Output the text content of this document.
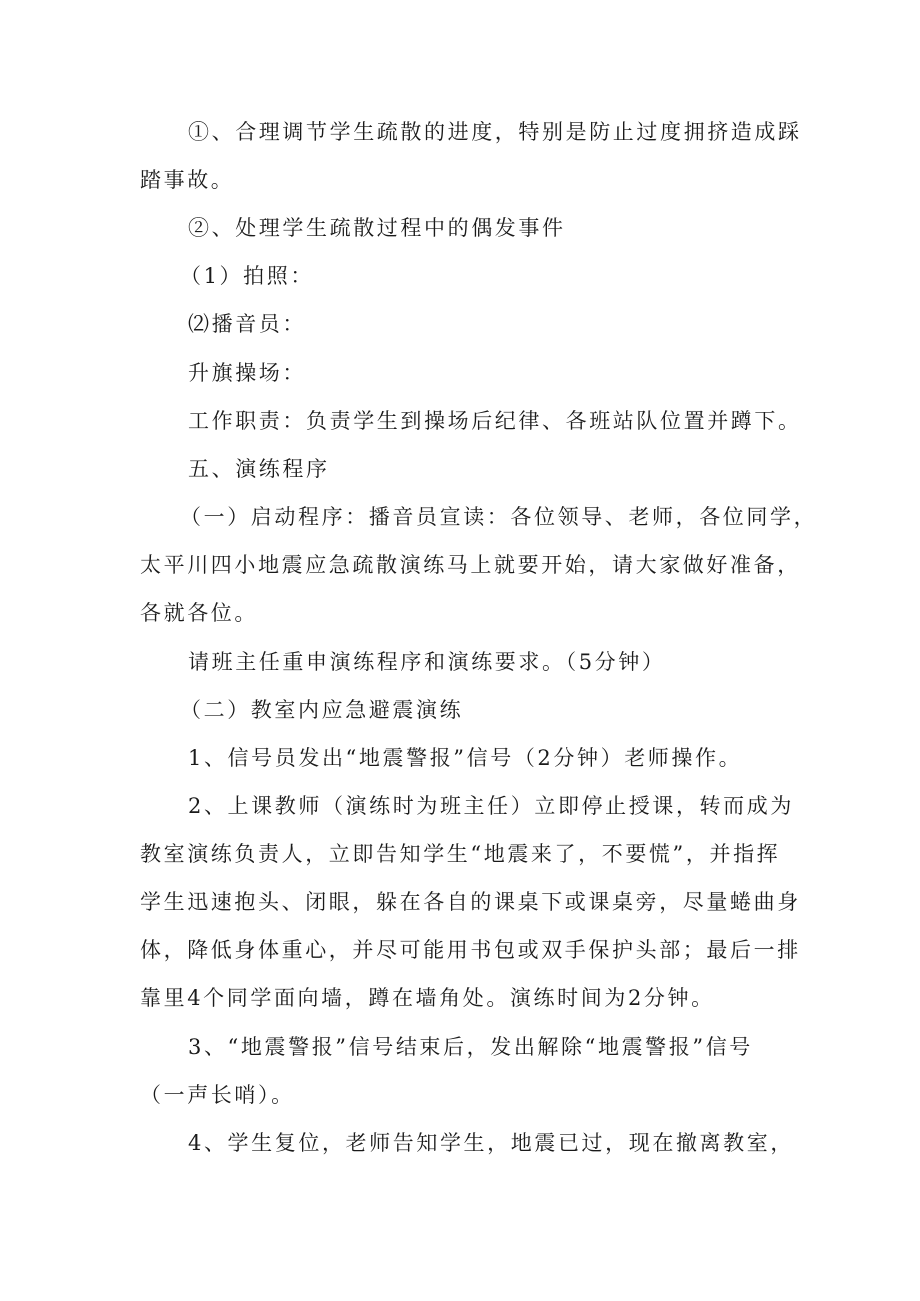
①、合理调节学生疏散的进度，特别是防止过度拥挤造成踩
踏事故。
②、处理学生疏散过程中的偶发事件
（1）拍照：
⑵播音员：
升旗操场：
工作职责：负责学生到操场后纪律、各班站队位置并蹲下。
五、演练程序
（一）启动程序：播音员宣读：各位领导、老师，各位同学，
太平川四小地震应急疏散演练马上就要开始，请大家做好准备，
各就各位。
请班主任重申演练程序和演练要求。（5分钟）
（二）教室内应急避震演练
1、信号员发出“地震警报”信号（2分钟）老师操作。
2、上课教师（演练时为班主任）立即停止授课，转而成为
教室演练负责人，立即告知学生“地震来了，不要慌”，并指挥
学生迅速抱头、闭眼，躲在各自的课桌下或课桌旁，尽量蜷曲身
体，降低身体重心，并尽可能用书包或双手保护头部；最后一排
靠里4个同学面向墙，蹲在墙角处。演练时间为2分钟。
3、“地震警报”信号结束后，发出解除“地震警报”信号
（一声长哨）。
4、学生复位，老师告知学生，地震已过，现在撤离教室，
